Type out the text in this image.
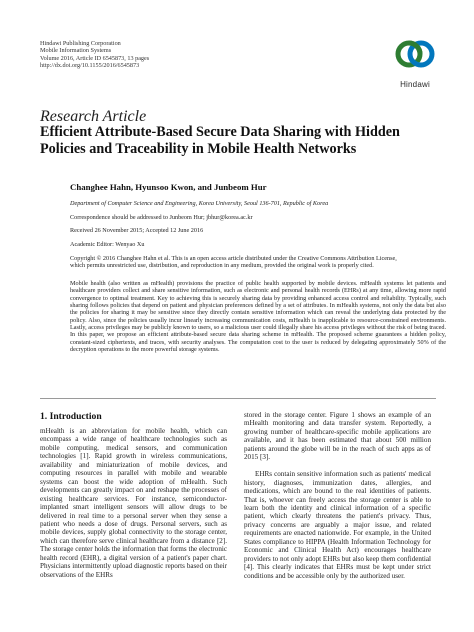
Hindawi Publishing Corporation
Mobile Information Systems
Volume 2016, Article ID 6545873, 13 pages
http://dx.doi.org/10.1155/2016/6545873
Hindawi
Research Article
Efficient Attribute-Based Secure Data Sharing with Hidden
Policies and Traceability in Mobile Health Networks
Changhee Hahn, Hyunsoo Kwon, and Junbeom Hur
Department of Computer Science and Engineering, Korea University, Seoul 136-701, Republic of Korea
Correspondence should be addressed to Junbeom Hur; jbhur@korea.ac.kr
Received 26 November 2015; Accepted 12 June 2016
Academic Editor: Wenyao Xu
Copyright © 2016 Changhee Hahn et al. This is an open access article distributed under the Creative Commons Attribution License,
which permits unrestricted use, distribution, and reproduction in any medium, provided the original work is properly cited.
Mobile health (also written as mHealth) provisions the practice of public health supported by mobile devices. mHealth systems let patients and healthcare providers collect and share sensitive information, such as electronic and personal health records (EHRs) at any time, allowing more rapid convergence to optimal treatment. Key to achieving this is securely sharing data by providing enhanced access control and reliability. Typically, such sharing follows policies that depend on patient and physician preferences defined by a set of attributes. In mHealth systems, not only the data but also the policies for sharing it may be sensitive since they directly contain sensitive information which can reveal the underlying data protected by the policy. Also, since the policies usually incur linearly increasing communication costs, mHealth is inapplicable to resource-constrained environments. Lastly, access privileges may be publicly known to users, so a malicious user could illegally share his access privileges without the risk of being traced. In this paper, we propose an efficient attribute-based secure data sharing scheme in mHealth. The proposed scheme guarantees a hidden policy, constant-sized ciphertexts, and traces, with security analyses. The computation cost to the user is reduced by delegating approximately 50% of the decryption operations to the more powerful storage systems.
1. Introduction

mHealth is an abbreviation for mobile health, which can encompass a wide range of healthcare technologies such as mobile computing, medical sensors, and communication technologies [1]. Rapid growth in wireless communications, availability and miniaturization of mobile devices, and computing resources in parallel with mobile and wearable systems can boost the wide adoption of mHealth. Such developments can greatly impact on and reshape the processes of existing healthcare services. For instance, semiconductor-implanted smart intelligent sensors will allow drugs to be delivered in real time to a personal server when they sense a patient who needs a dose of drugs. Personal servers, such as mobile devices, supply global connectivity to the storage center, which can therefore serve clinical healthcare from a distance [2]. The storage center holds the information that forms the electronic health record (EHR), a digital version of a patient's paper chart. Physicians intermittently upload diagnostic reports based on their observations of the EHRs

stored in the storage center. Figure 1 shows an example of an mHealth monitoring and data transfer system. Reportedly, a growing number of healthcare-specific mobile applications are available, and it has been estimated that about 500 million patients around the globe will be in the reach of such apps as of 2015 [3].

EHRs contain sensitive information such as patients' medical history, diagnoses, immunization dates, allergies, and medications, which are bound to the real identities of patients. That is, whoever can freely access the storage center is able to learn both the identity and clinical information of a specific patient, which clearly threatens the patient's privacy. Thus, privacy concerns are arguably a major issue, and related requirements are enacted nationwide. For example, in the United States compliance to HIPPA (Health Information Technology for Economic and Clinical Health Act) encourages healthcare providers to not only adopt EHRs but also keep them confidential [4]. This clearly indicates that EHRs must be kept under strict conditions and be accessible only by the authorized user.
